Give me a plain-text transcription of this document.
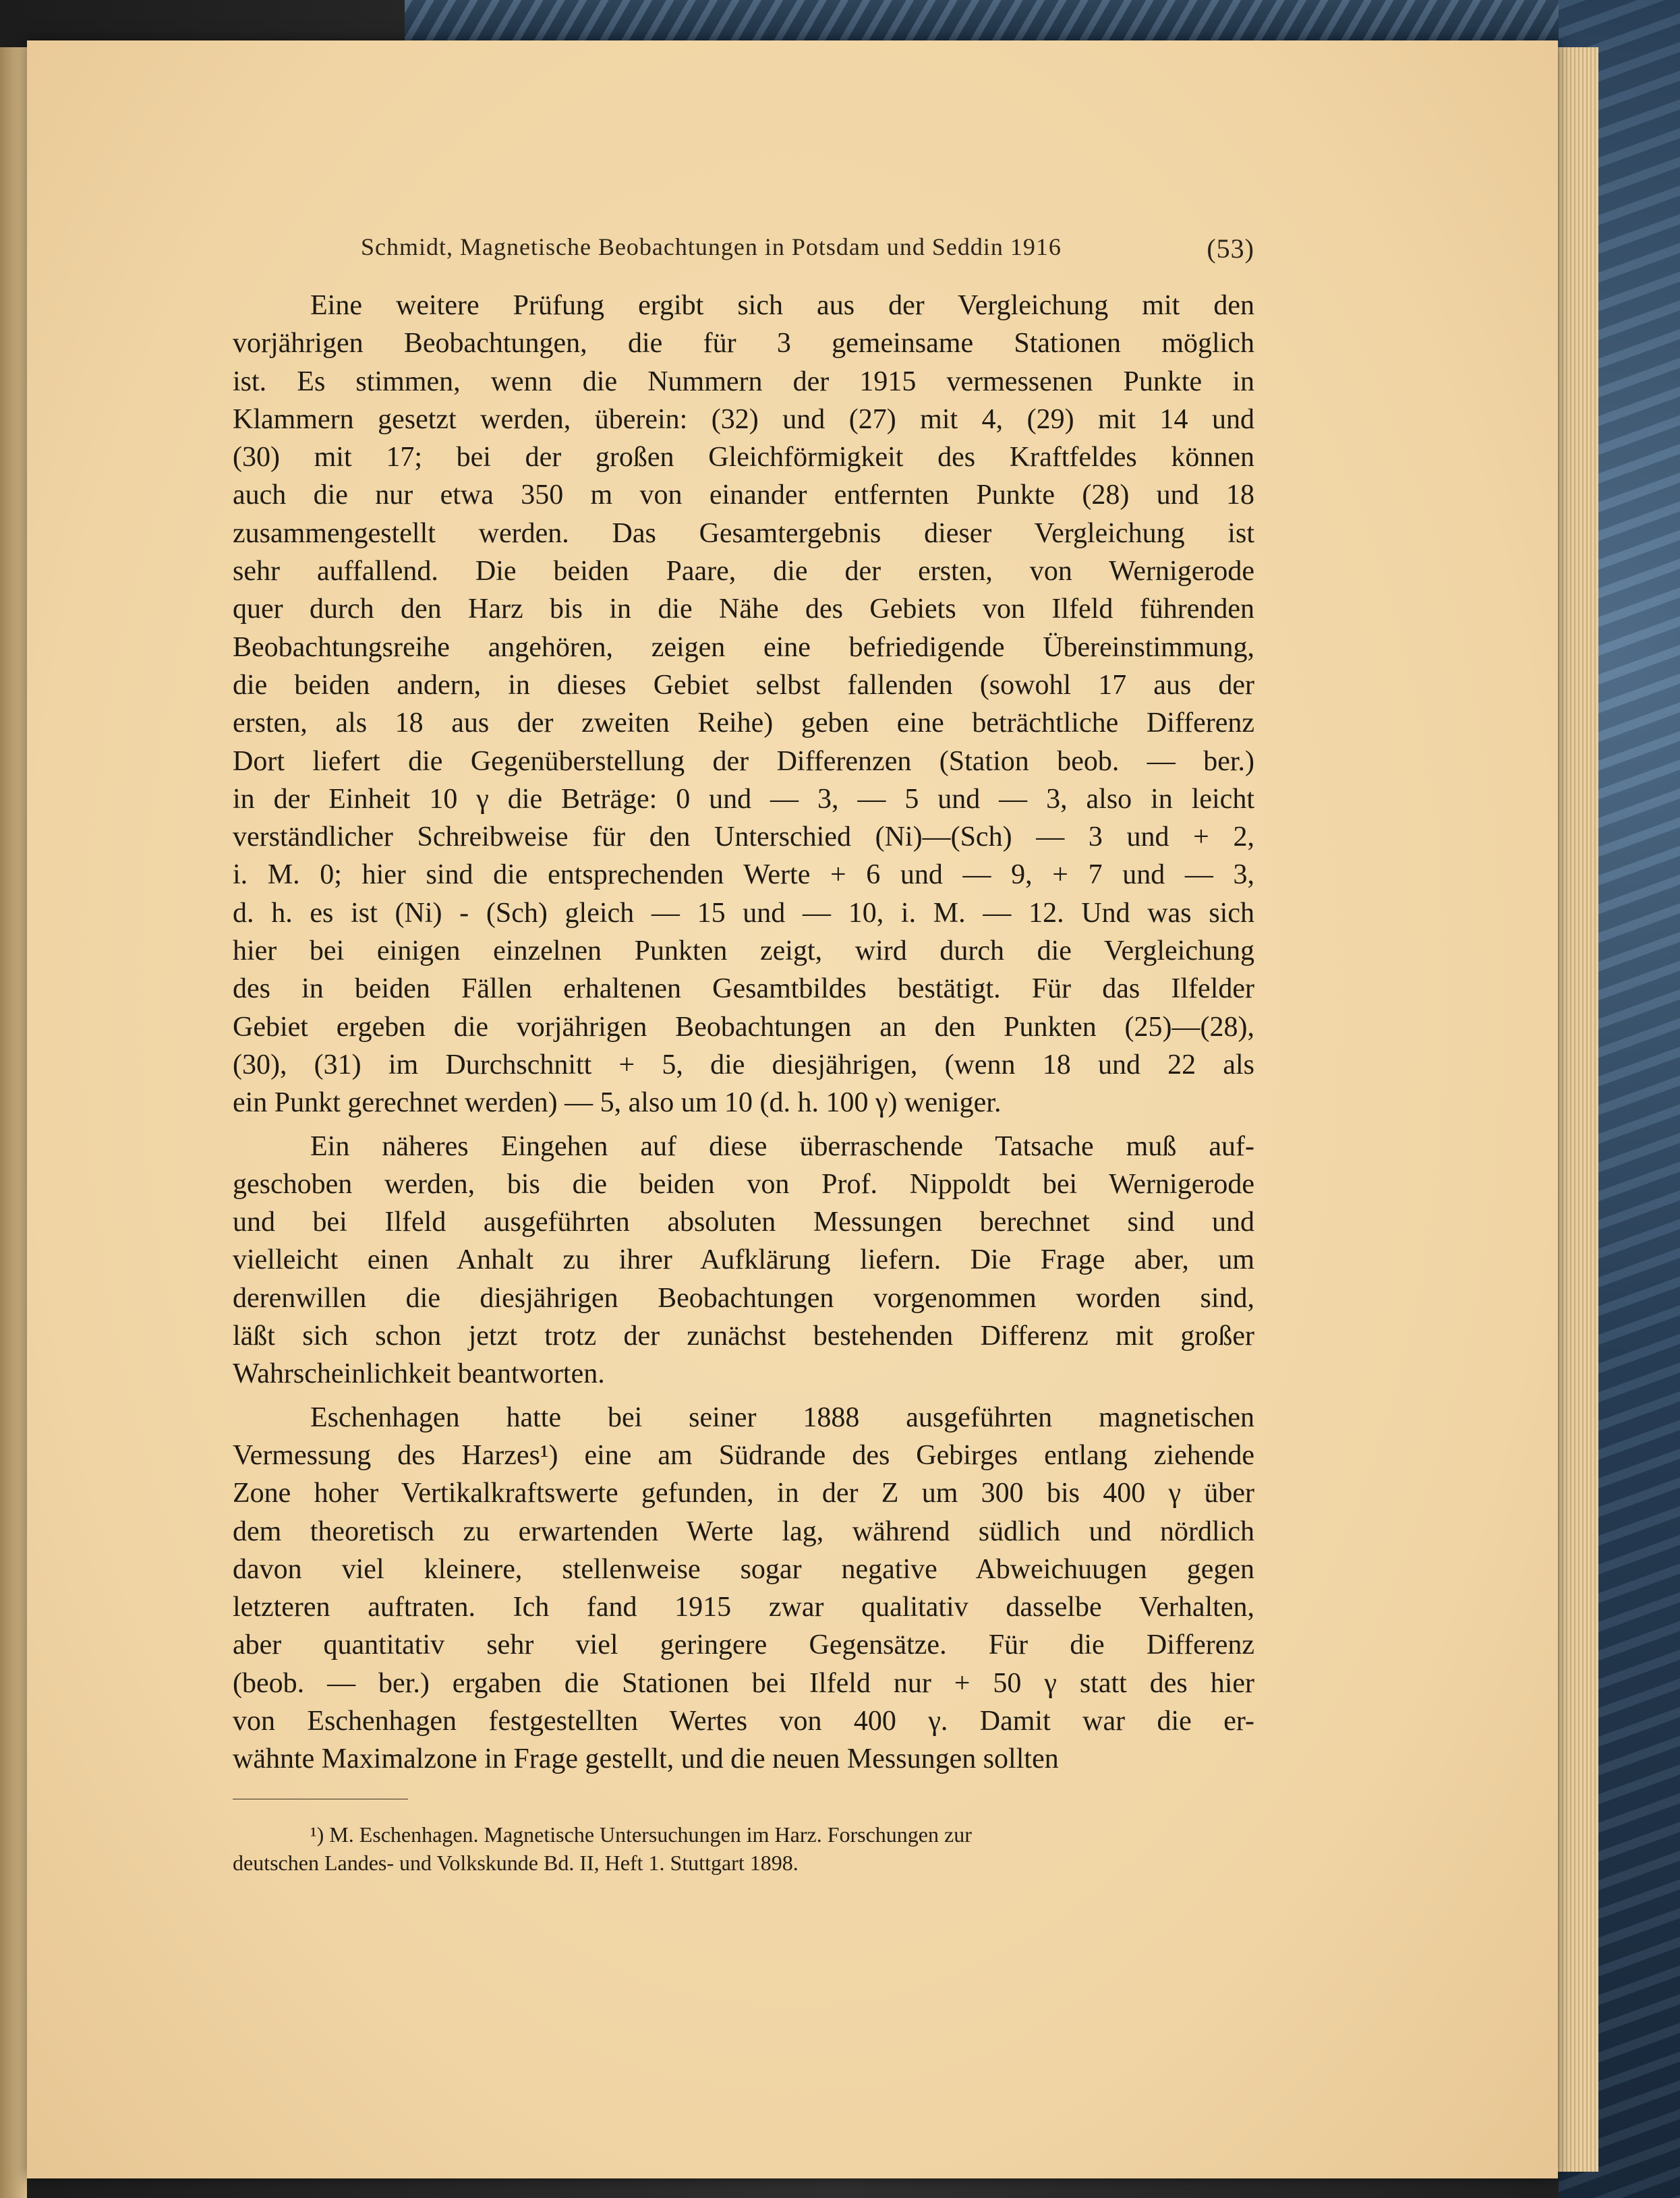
Schmidt, Magnetische Beobachtungen in Potsdam und Seddin 1916	(53)
Eine weitere Prüfung ergibt sich aus der Vergleichung mit den
vorjährigen Beobachtungen, die für 3 gemeinsame Stationen möglich
ist. Es stimmen, wenn die Nummern der 1915 vermessenen Punkte in
Klammern gesetzt werden, überein: (32) und (27) mit 4, (29) mit 14 und
(30) mit 17; bei der großen Gleichförmigkeit des Kraftfeldes können
auch die nur etwa 350 m von einander entfernten Punkte (28) und 18
zusammengestellt werden. Das Gesamtergebnis dieser Vergleichung ist
sehr auffallend. Die beiden Paare, die der ersten, von Wernigerode
quer durch den Harz bis in die Nähe des Gebiets von Ilfeld führenden
Beobachtungsreihe angehören, zeigen eine befriedigende Übereinstimmung,
die beiden andern, in dieses Gebiet selbst fallenden (sowohl 17 aus der
ersten, als 18 aus der zweiten Reihe) geben eine beträchtliche Differenz
Dort liefert die Gegenüberstellung der Differenzen (Station beob. — ber.)
in der Einheit 10 γ die Beträge: 0 und — 3, — 5 und — 3, also in leicht
verständlicher Schreibweise für den Unterschied (Ni)—(Sch) — 3 und + 2,
i. M. 0; hier sind die entsprechenden Werte + 6 und — 9, + 7 und — 3,
d. h. es ist (Ni) - (Sch) gleich — 15 und — 10, i. M. — 12. Und was sich
hier bei einigen einzelnen Punkten zeigt, wird durch die Vergleichung
des in beiden Fällen erhaltenen Gesamtbildes bestätigt. Für das Ilfelder
Gebiet ergeben die vorjährigen Beobachtungen an den Punkten (25)—(28),
(30), (31) im Durchschnitt + 5, die diesjährigen, (wenn 18 und 22 als
ein Punkt gerechnet werden) — 5, also um 10 (d. h. 100 γ) weniger.
Ein näheres Eingehen auf diese überraschende Tatsache muß auf-
geschoben werden, bis die beiden von Prof. Nippoldt bei Wernigerode
und bei Ilfeld ausgeführten absoluten Messungen berechnet sind und
vielleicht einen Anhalt zu ihrer Aufklärung liefern. Die Frage aber, um
derenwillen die diesjährigen Beobachtungen vorgenommen worden sind,
läßt sich schon jetzt trotz der zunächst bestehenden Differenz mit großer
Wahrscheinlichkeit beantworten.
Eschenhagen hatte bei seiner 1888 ausgeführten magnetischen
Vermessung des Harzes¹) eine am Südrande des Gebirges entlang ziehende
Zone hoher Vertikalkraftswerte gefunden, in der Z um 300 bis 400 γ über
dem theoretisch zu erwartenden Werte lag, während südlich und nördlich
davon viel kleinere, stellenweise sogar negative Abweichuugen gegen
letzteren auftraten. Ich fand 1915 zwar qualitativ dasselbe Verhalten,
aber quantitativ sehr viel geringere Gegensätze. Für die Differenz
(beob. — ber.) ergaben die Stationen bei Ilfeld nur + 50 γ statt des hier
von Eschenhagen festgestellten Wertes von 400 γ. Damit war die er-
wähnte Maximalzone in Frage gestellt, und die neuen Messungen sollten
¹) M. Eschenhagen. Magnetische Untersuchungen im Harz. Forschungen zur
deutschen Landes- und Volkskunde Bd. II, Heft 1. Stuttgart 1898.
